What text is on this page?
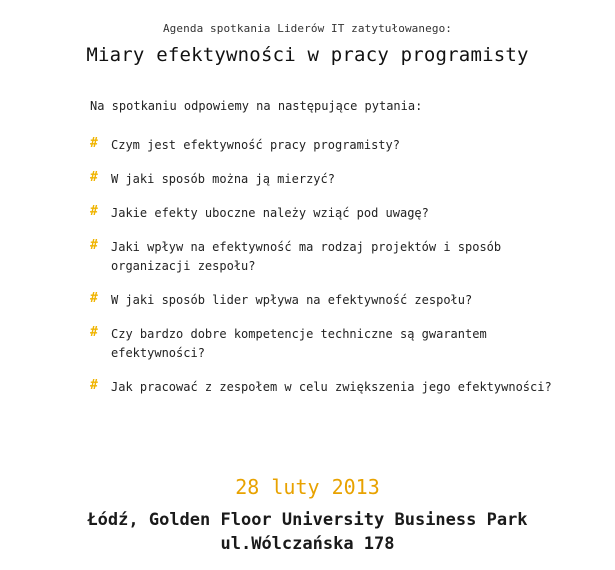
Agenda spotkania Liderów IT zatytułowanego:
Miary efektywności w pracy programisty
Na spotkaniu odpowiemy na następujące pytania:
# Czym jest efektywność pracy programisty?
# W jaki sposób można ją mierzyć?
# Jakie efekty uboczne należy wziąć pod uwagę?
# Jaki wpływ na efektywność ma rodzaj projektów i sposób organizacji zespołu?
# W jaki sposób lider wpływa na efektywność zespołu?
# Czy bardzo dobre kompetencje techniczne są gwarantem efektywności?
# Jak pracować z zespołem w celu zwiększenia jego efektywności?
28 luty 2013
Łódź, Golden Floor University Business Park
ul.Wólczańska 178
